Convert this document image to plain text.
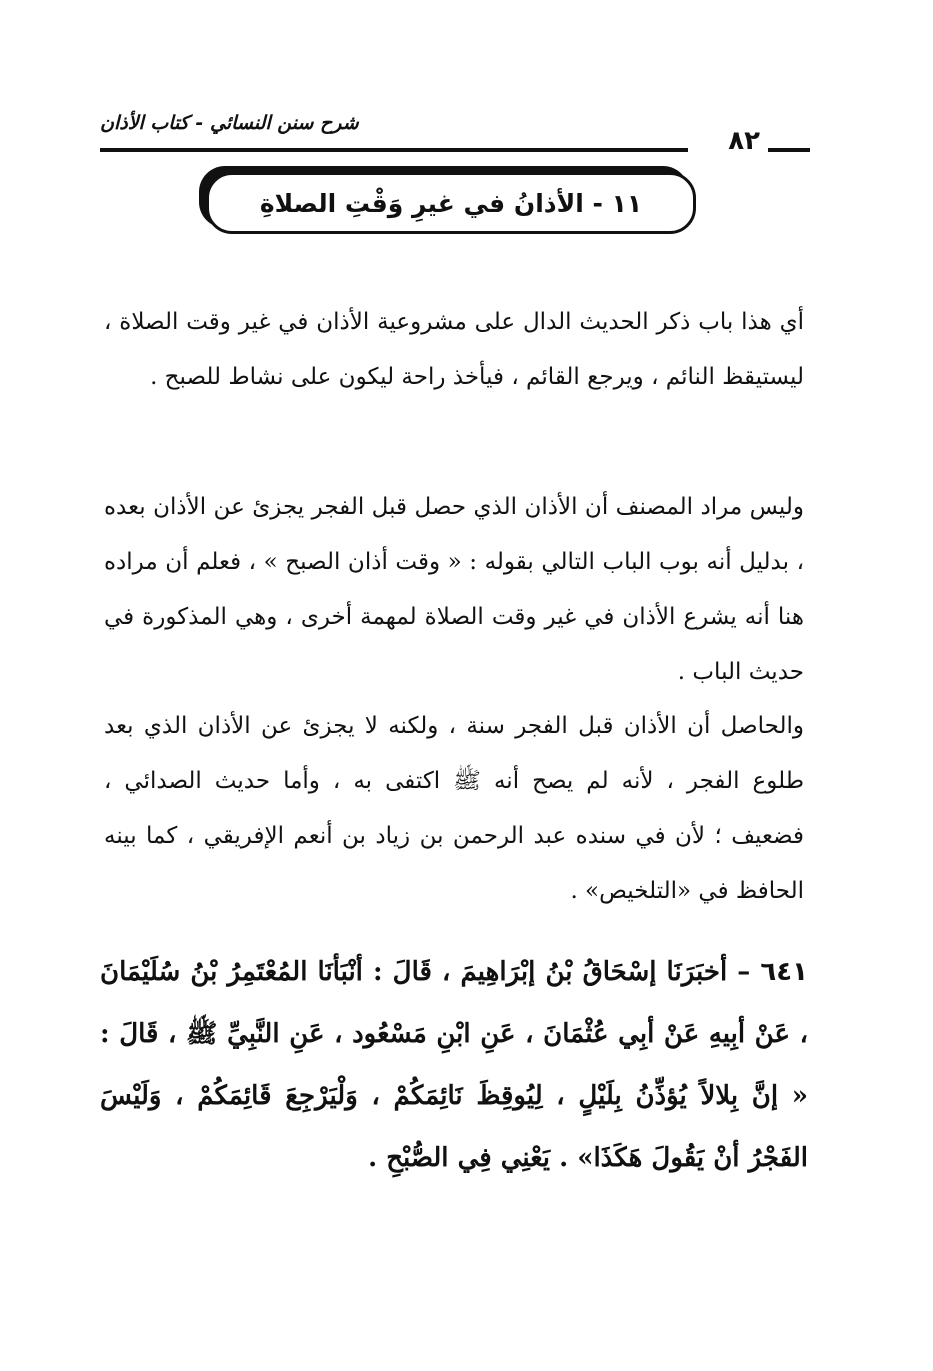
شرح سنن النسائي - كتاب الأذان
٨٢
١١ - الأذانُ في غيرِ وَقْتِ الصلاةِ

أي هذا باب ذكر الحديث الدال على مشروعية الأذان في غير وقت الصلاة ، ليستيقظ النائم ، ويرجع القائم ، فيأخذ راحة ليكون على نشاط للصبح .

وليس مراد المصنف أن الأذان الذي حصل قبل الفجر يجزئ عن الأذان بعده ، بدليل أنه بوب الباب التالي بقوله : « وقت أذان الصبح » ، فعلم أن مراده هنا أنه يشرع الأذان في غير وقت الصلاة لمهمة أخرى ، وهي المذكورة في حديث الباب .

والحاصل أن الأذان قبل الفجر سنة ، ولكنه لا يجزئ عن الأذان الذي بعد طلوع الفجر ، لأنه لم يصح أنه ﷺ اكتفى به ، وأما حديث الصدائي ، فضعيف ؛ لأن في سنده عبد الرحمن بن زياد بن أنعم الإفريقي ، كما بينه الحافظ في «التلخيص» .

٦٤١ – أخبَرَنَا إسْحَاقُ بْنُ إبْرَاهِيمَ ، قَالَ : أنْبَأنَا المُعْتَمِرُ بْنُ سُلَيْمَانَ ، عَنْ أبِيهِ عَنْ أبِي عُثْمَانَ ، عَنِ ابْنِ مَسْعُود ، عَنِ النَّبِيِّ ﷺ ، قَالَ : « إنَّ بِلالاً يُؤذِّنُ بِلَيْلٍ ، لِيُوقِظَ نَائِمَكُمْ ، وَلْيَرْجِعَ قَائِمَكُمْ ، وَلَيْسَ الفَجْرُ أنْ يَقُولَ هَكَذَا» . يَعْنِي فِي الصُّبْحِ .
